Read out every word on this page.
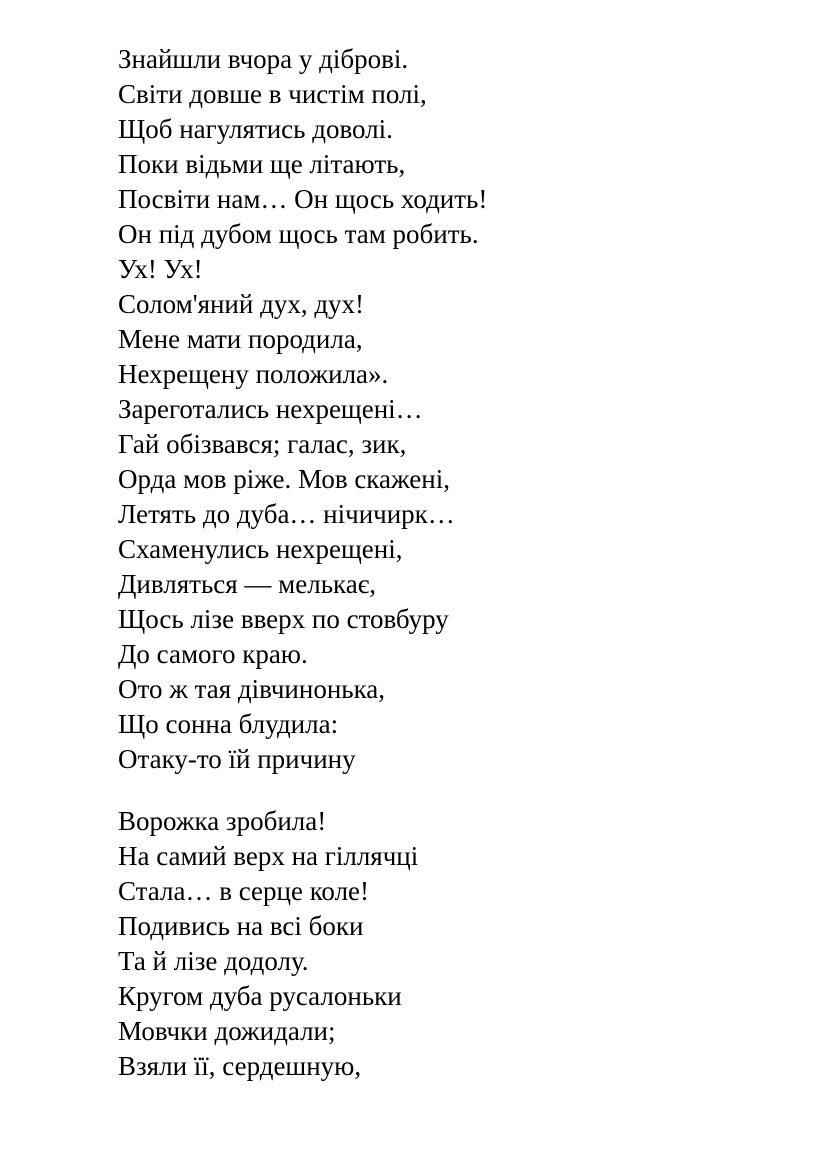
Знайшли вчора у діброві.
Світи довше в чистім полі,
Щоб нагулятись доволі.
Поки відьми ще літають,
Посвіти нам… Он щось ходить!
Он під дубом щось там робить.
Ух! Ух!
Солом'яний дух, дух!
Мене мати породила,
Нехрещену положила».
Зареготались нехрещені…
Гай обізвався; галас, зик,
Орда мов ріже. Мов скажені,
Летять до дуба… нічичирк…
Схаменулись нехрещені,
Дивляться — мелькає,
Щось лізе вверх по стовбуру
До самого краю.
Ото ж тая дівчинонька,
Що сонна блудила:
Отаку-то їй причину
Ворожка зробила!
На самий верх на гіллячці
Стала… в серце коле!
Подивись на всі боки
Та й лізе додолу.
Кругом дуба русалоньки
Мовчки дожидали;
Взяли її, сердешную,
